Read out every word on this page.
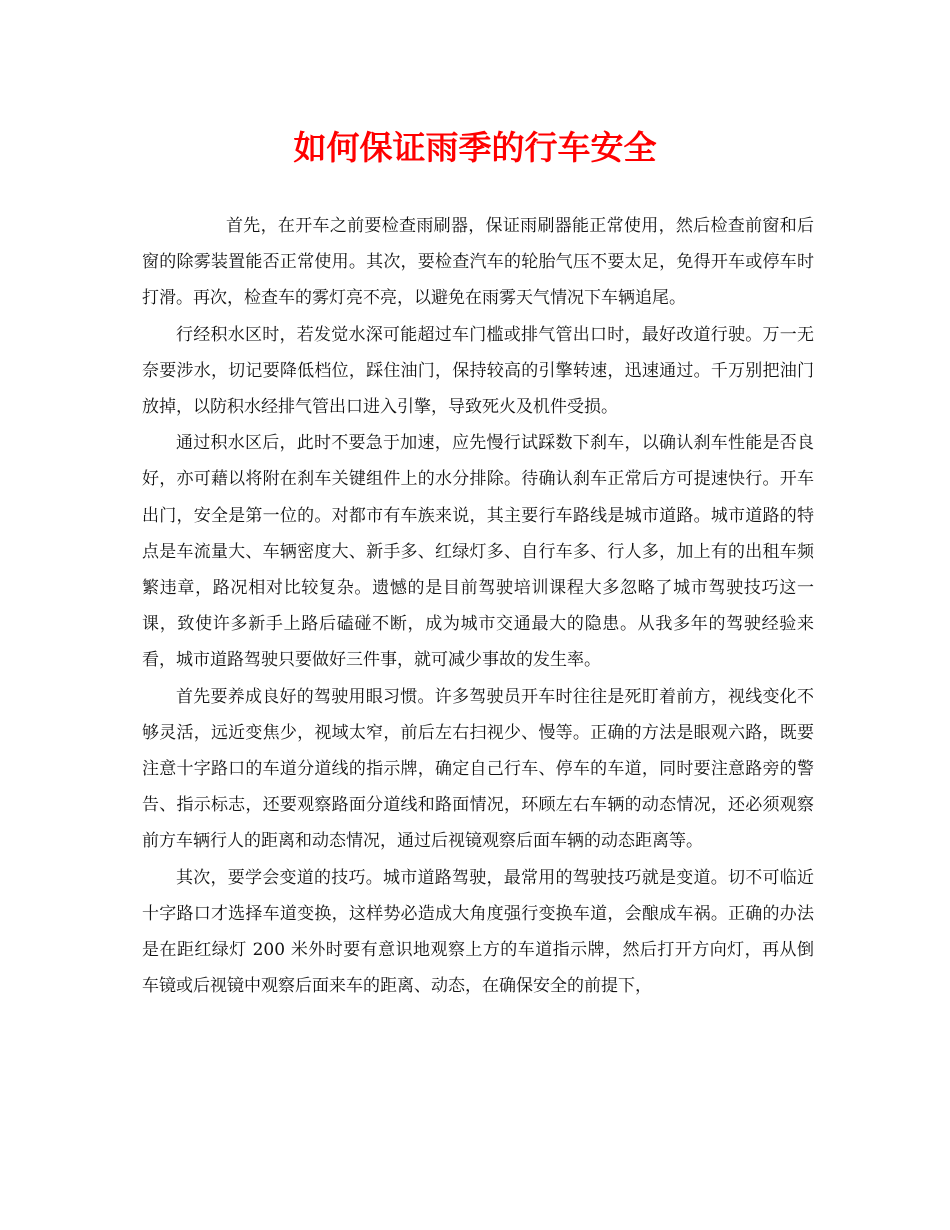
如何保证雨季的行车安全

首先，在开车之前要检查雨刷器，保证雨刷器能正常使用，然后检查前窗和后窗的除雾装置能否正常使用。其次，要检查汽车的轮胎气压不要太足，免得开车或停车时打滑。再次，检查车的雾灯亮不亮，以避免在雨雾天气情况下车辆追尾。

行经积水区时，若发觉水深可能超过车门槛或排气管出口时，最好改道行驶。万一无奈要涉水，切记要降低档位，踩住油门，保持较高的引擎转速，迅速通过。千万别把油门放掉，以防积水经排气管出口进入引擎，导致死火及机件受损。

通过积水区后，此时不要急于加速，应先慢行试踩数下刹车，以确认刹车性能是否良好，亦可藉以将附在刹车关键组件上的水分排除。待确认刹车正常后方可提速快行。开车出门，安全是第一位的。对都市有车族来说，其主要行车路线是城市道路。城市道路的特点是车流量大、车辆密度大、新手多、红绿灯多、自行车多、行人多，加上有的出租车频繁违章，路况相对比较复杂。遗憾的是目前驾驶培训课程大多忽略了城市驾驶技巧这一课，致使许多新手上路后磕碰不断，成为城市交通最大的隐患。从我多年的驾驶经验来看，城市道路驾驶只要做好三件事，就可减少事故的发生率。

首先要养成良好的驾驶用眼习惯。许多驾驶员开车时往往是死盯着前方，视线变化不够灵活，远近变焦少，视域太窄，前后左右扫视少、慢等。正确的方法是眼观六路，既要注意十字路口的车道分道线的指示牌，确定自己行车、停车的车道，同时要注意路旁的警告、指示标志，还要观察路面分道线和路面情况，环顾左右车辆的动态情况，还必须观察前方车辆行人的距离和动态情况，通过后视镜观察后面车辆的动态距离等。

其次，要学会变道的技巧。城市道路驾驶，最常用的驾驶技巧就是变道。切不可临近十字路口才选择车道变换，这样势必造成大角度强行变换车道，会酿成车祸。正确的办法是在距红绿灯 200 米外时要有意识地观察上方的车道指示牌，然后打开方向灯，再从倒车镜或后视镜中观察后面来车的距离、动态，在确保安全的前提下，
